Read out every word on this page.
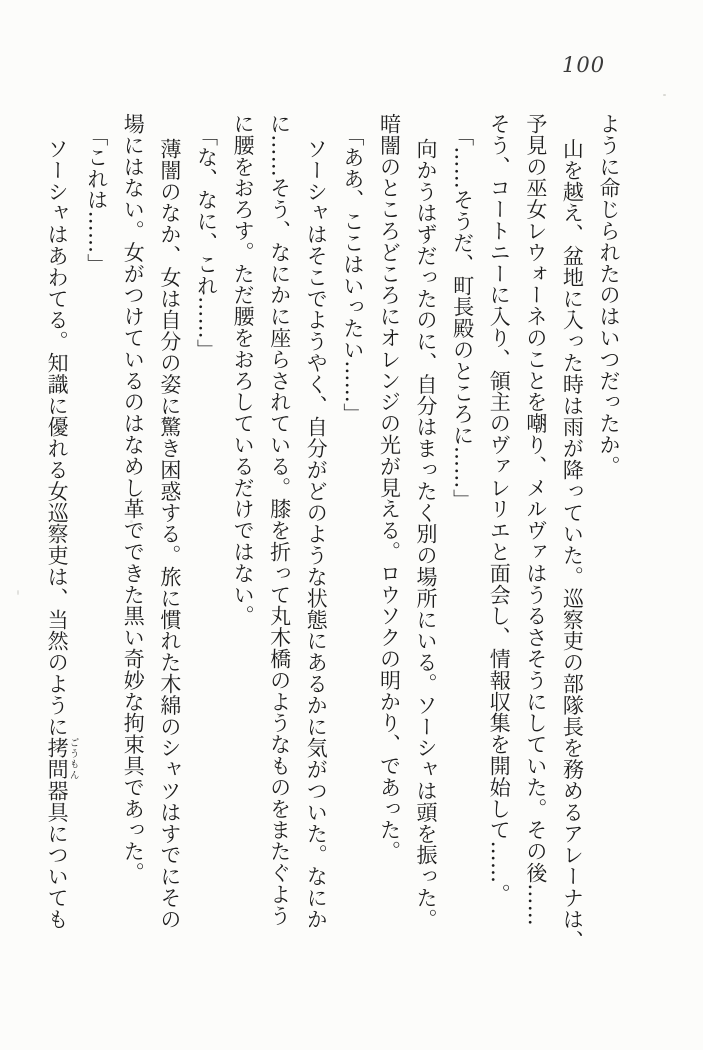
100

ように命じられたのはいつだったか。

山を越え、盆地に入った時は雨が降っていた。巡察吏の部隊長を務めるアレーナは、

予見の巫女レウォーネのことを嘲り、メルヴァはうるさそうにしていた。その後……

そう、コートニーに入り、領主のヴァレリエと面会し、情報収集を開始して……。

「……そうだ、町長殿のところに……」

向かうはずだったのに、自分はまったく別の場所にいる。ソーシャは頭を振った。

暗闇のところどころにオレンジの光が見える。ロウソクの明かり、であった。

「ああ、ここはいったい……」

ソーシャはそこでようやく、自分がどのような状態にあるかに気がついた。なにか

に……そう、なにかに座らされている。膝を折って丸木橋のようなものをまたぐよう

に腰をおろす。ただ腰をおろしているだけではない。

「な、なに、これ……」

薄闇のなか、女は自分の姿に驚き困惑する。旅に慣れた木綿のシャツはすでにその

場にはない。女がつけているのはなめし革でできた黒い奇妙な拘束具であった。

「これは……」

ソーシャはあわてる。知識に優れる女巡察吏は、当然のように拷問ごうもん器具についても
